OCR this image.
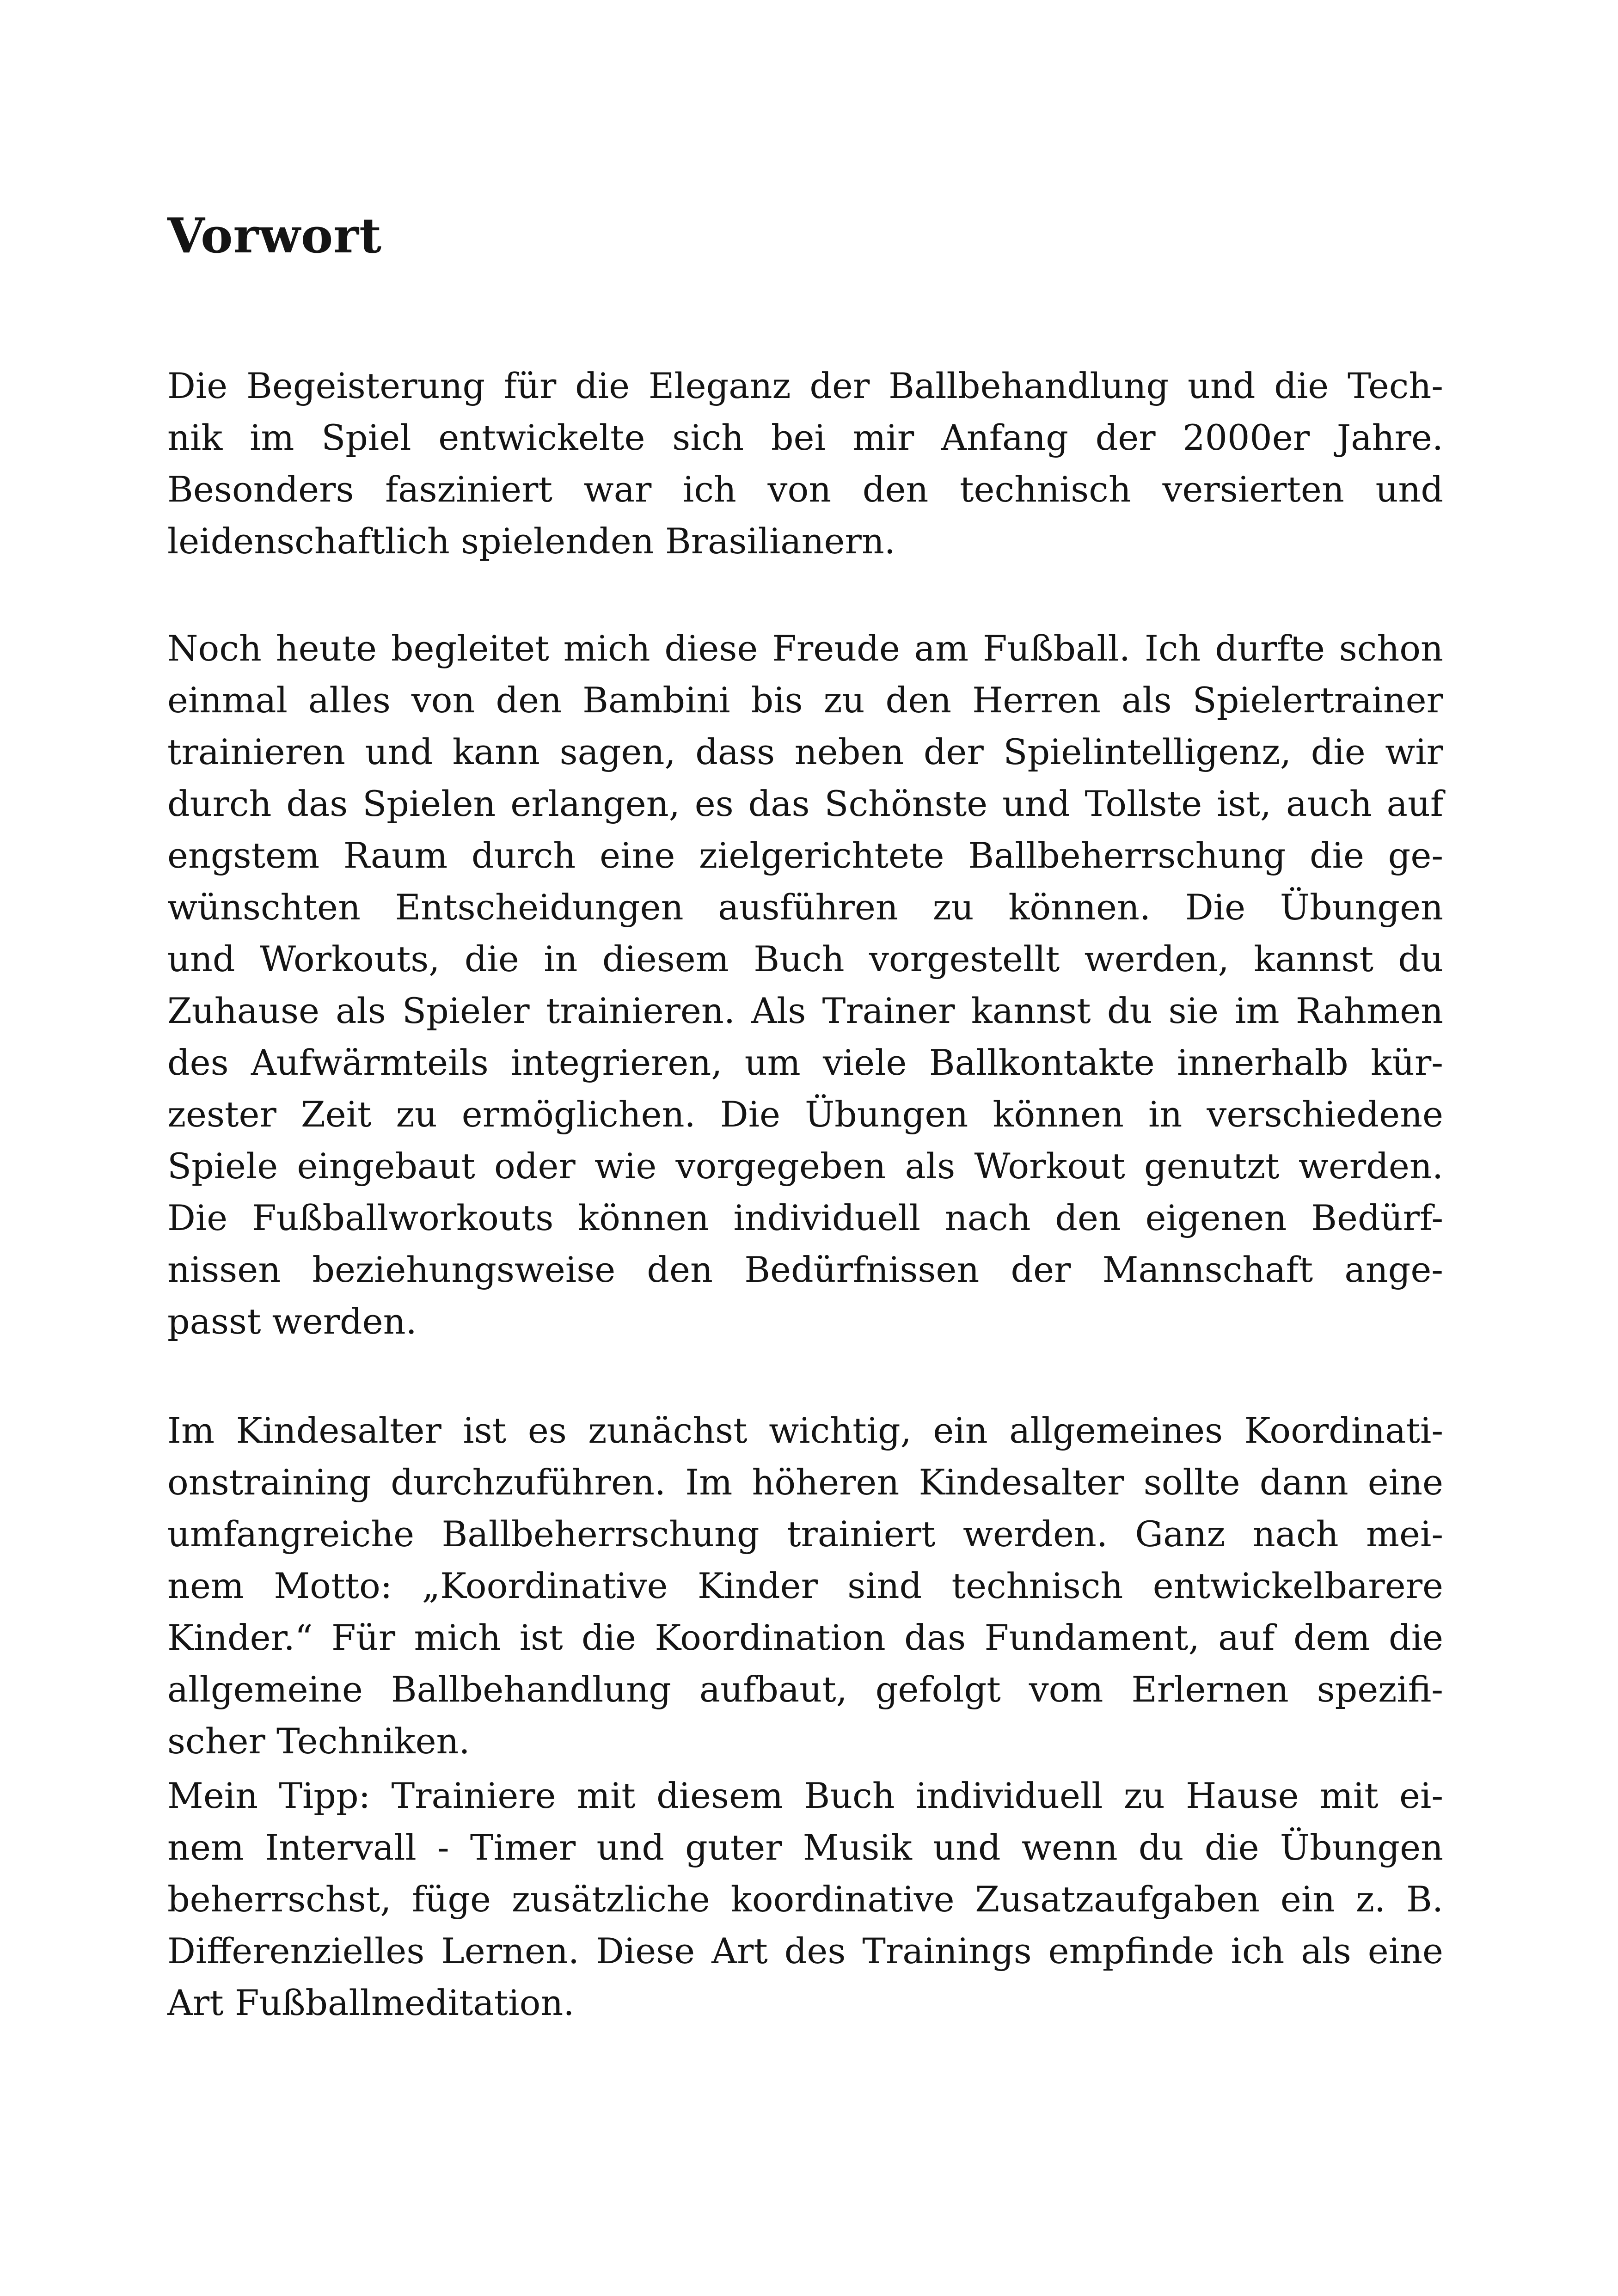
Vorwort
Die Begeisterung für die Eleganz der Ballbehandlung und die Tech-
nik im Spiel entwickelte sich bei mir Anfang der 2000er Jahre.
Besonders fasziniert war ich von den technisch versierten und
leidenschaftlich spielenden Brasilianern.
Noch heute begleitet mich diese Freude am Fußball. Ich durfte schon
einmal alles von den Bambini bis zu den Herren als Spielertrainer
trainieren und kann sagen, dass neben der Spielintelligenz, die wir
durch das Spielen erlangen, es das Schönste und Tollste ist, auch auf
engstem Raum durch eine zielgerichtete Ballbeherrschung die ge-
wünschten Entscheidungen ausführen zu können. Die Übungen
und Workouts, die in diesem Buch vorgestellt werden, kannst du
Zuhause als Spieler trainieren. Als Trainer kannst du sie im Rahmen
des Aufwärmteils integrieren, um viele Ballkontakte innerhalb kür-
zester Zeit zu ermöglichen. Die Übungen können in verschiedene
Spiele eingebaut oder wie vorgegeben als Workout genutzt werden.
Die Fußballworkouts können individuell nach den eigenen Bedürf-
nissen beziehungsweise den Bedürfnissen der Mannschaft ange-
passt werden.
Im Kindesalter ist es zunächst wichtig, ein allgemeines Koordinati-
onstraining durchzuführen. Im höheren Kindesalter sollte dann eine
umfangreiche Ballbeherrschung trainiert werden. Ganz nach mei-
nem Motto: „Koordinative Kinder sind technisch entwickelbarere
Kinder.“ Für mich ist die Koordination das Fundament, auf dem die
allgemeine Ballbehandlung aufbaut, gefolgt vom Erlernen spezifi-
scher Techniken.
Mein Tipp: Trainiere mit diesem Buch individuell zu Hause mit ei-
nem Intervall - Timer und guter Musik und wenn du die Übungen
beherrschst, füge zusätzliche koordinative Zusatzaufgaben ein z. B.
Differenzielles Lernen. Diese Art des Trainings empfinde ich als eine
Art Fußballmeditation.
